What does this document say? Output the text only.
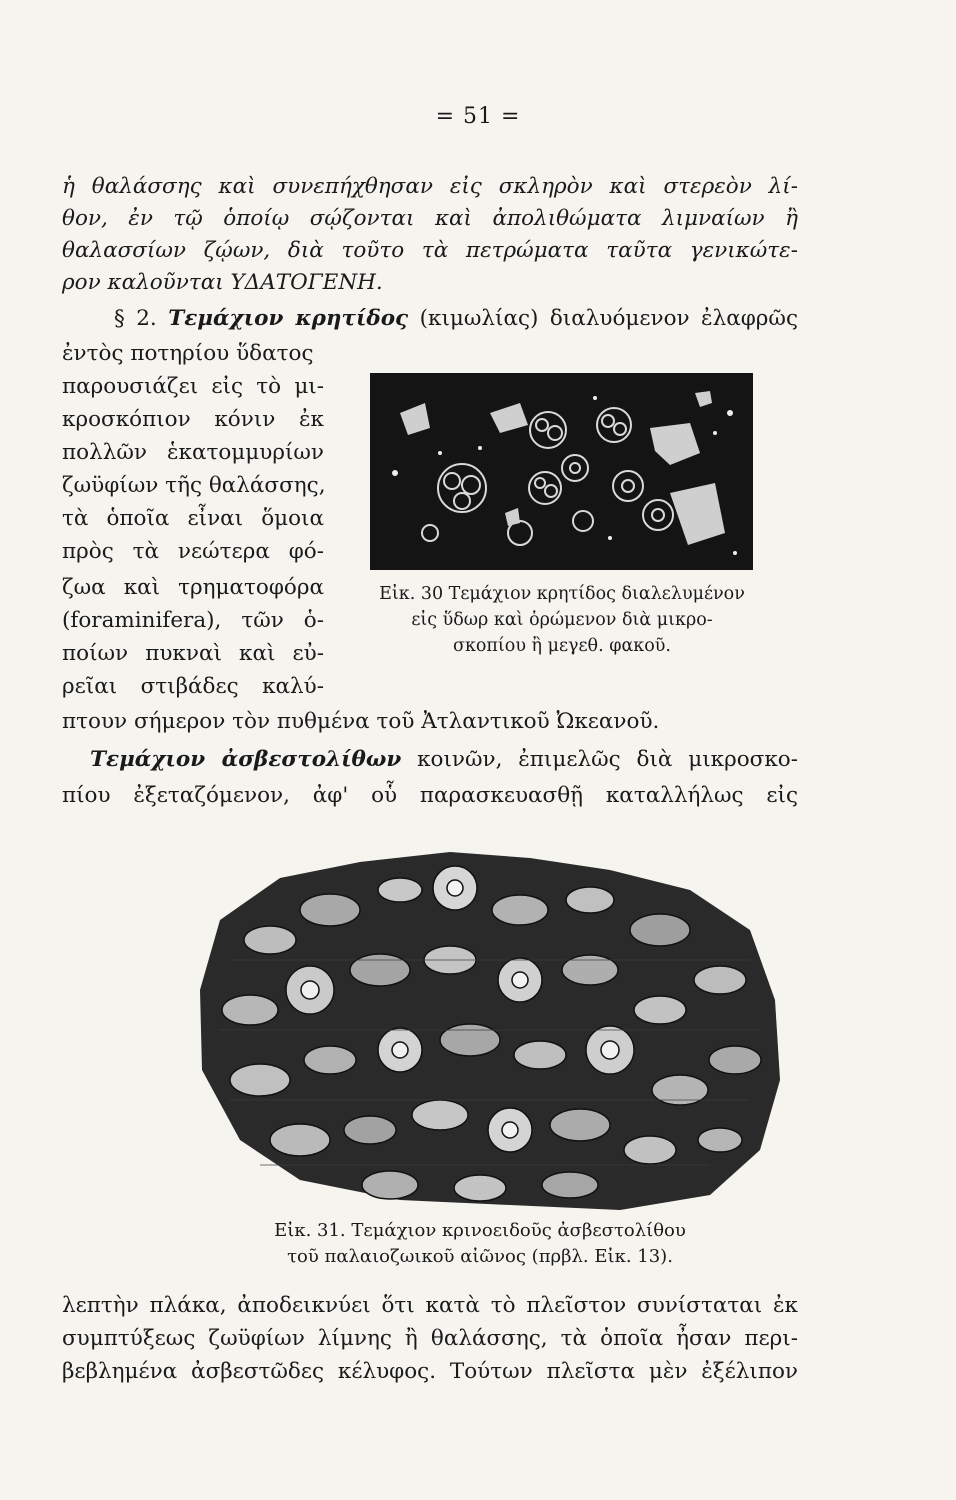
= 51 =
ἡ θαλάσσης καὶ συνεπήχθησαν εἰς σκληρὸν καὶ στερεὸν λί-
θον, ἐν τῷ ὁποίῳ σῴζονται καὶ ἀπολιθώματα λιμναίων ἢ
θαλασσίων ζῴων, διὰ τοῦτο τὰ πετρώματα ταῦτα γενικώτε-
ρον καλοῦνται ΥΔΑΤΟΓΕΝΗ.
§ 2. Τεμάχιον κρητίδος (κιμωλίας) διαλυόμενον ἐλαφρῶς
ἐντὸς ποτηρίου ὕδατος
παρουσιάζει εἰς τὸ μι-
κροσκόπιον κόνιν ἐκ
πολλῶν ἑκατομμυρίων
ζωϋφίων τῆς θαλάσσης,
τὰ ὁποῖα εἶναι ὅμοια
πρὸς τὰ νεώτερα φό-
ζωα καὶ τρηματοφόρα
(foraminifera), τῶν ὁ-
ποίων πυκναὶ καὶ εὐ-
ρεῖαι στιβάδες καλύ-
πτουν σήμερον τὸν πυθμένα τοῦ Ἀτλαντικοῦ Ὠκεανοῦ.
Εἰκ. 30 Τεμάχιον κρητίδος διαλελυμένον
εἰς ὕδωρ καὶ ὁρώμενον διὰ μικρο-
σκοπίου ἢ μεγεθ. φακοῦ.
Τεμάχιον ἀσβεστολίθων κοινῶν, ἐπιμελῶς διὰ μικροσκο-
πίου ἐξεταζόμενον, ἀφ' οὗ παρασκευασθῇ καταλλήλως εἰς
Εἰκ. 31. Τεμάχιον κρινοειδοῦς ἀσβεστολίθου
τοῦ παλαιοζωικοῦ αἰῶνος (πρβλ. Εἰκ. 13).
λεπτὴν πλάκα, ἀποδεικνύει ὅτι κατὰ τὸ πλεῖστον συνίσταται ἐκ
συμπτύξεως ζωϋφίων λίμνης ἢ θαλάσσης, τὰ ὁποῖα ἦσαν περι-
βεβλημένα ἀσβεστῶδες κέλυφος. Τούτων πλεῖστα μὲν ἐξέλιπον
